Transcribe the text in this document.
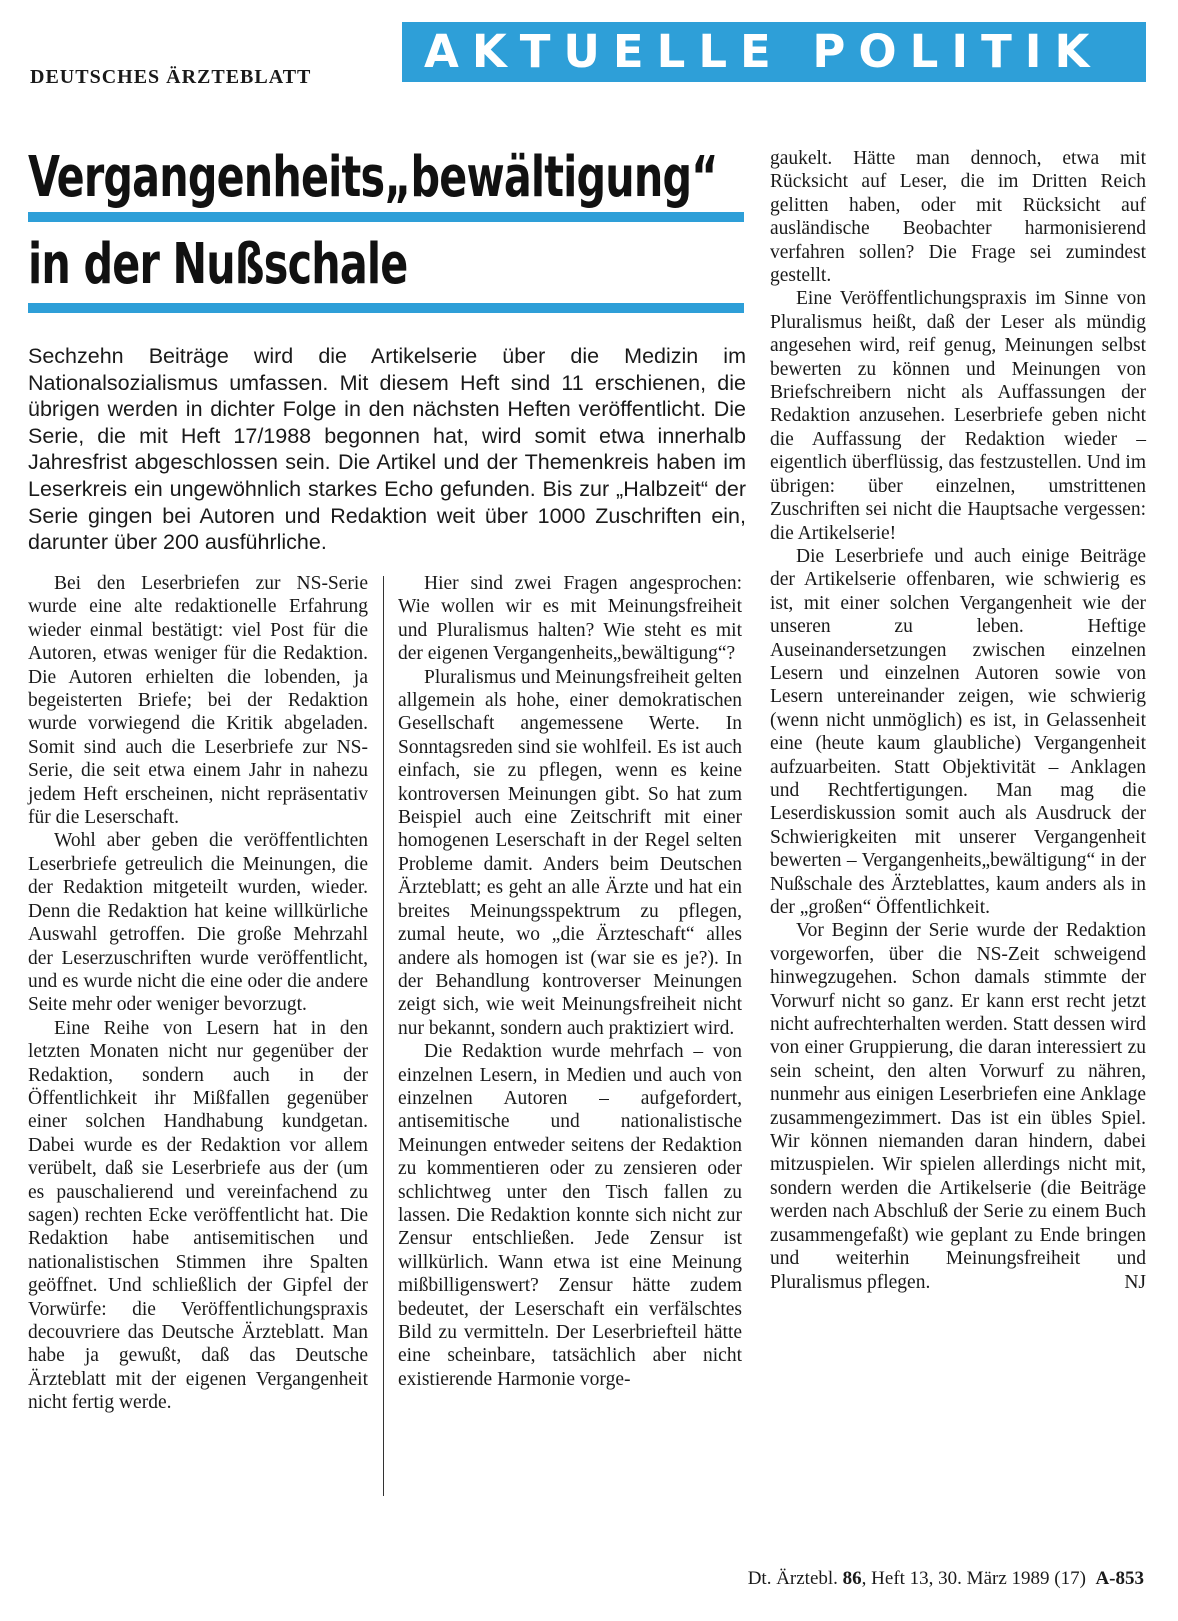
DEUTSCHES ÄRZTEBLATT	AKTUELLE POLITIK
Vergangenheits„bewältigung“
in der Nußschale
Sechzehn Beiträge wird die Artikelserie über die Medizin im Nationalsozialismus umfassen. Mit diesem Heft sind 11 erschienen, die übrigen werden in dichter Folge in den nächsten Heften veröffentlicht. Die Serie, die mit Heft 17/1988 begonnen hat, wird somit etwa innerhalb Jahresfrist abgeschlossen sein. Die Artikel und der Themenkreis haben im Leserkreis ein ungewöhnlich starkes Echo gefunden. Bis zur „Halbzeit“ der Serie gingen bei Autoren und Redaktion weit über 1000 Zuschriften ein, darunter über 200 ausführliche.

Bei den Leserbriefen zur NS-Serie wurde eine alte redaktionelle Erfahrung wieder einmal bestätigt: viel Post für die Autoren, etwas weniger für die Redaktion. Die Autoren erhielten die lobenden, ja begeisterten Briefe; bei der Redaktion wurde vorwiegend die Kritik abgeladen. Somit sind auch die Leserbriefe zur NS-Serie, die seit etwa einem Jahr in nahezu jedem Heft erscheinen, nicht repräsentativ für die Leserschaft.

Wohl aber geben die veröffentlichten Leserbriefe getreulich die Meinungen, die der Redaktion mitgeteilt wurden, wieder. Denn die Redaktion hat keine willkürliche Auswahl getroffen. Die große Mehrzahl der Leserzuschriften wurde veröffentlicht, und es wurde nicht die eine oder die andere Seite mehr oder weniger bevorzugt.

Eine Reihe von Lesern hat in den letzten Monaten nicht nur gegenüber der Redaktion, sondern auch in der Öffentlichkeit ihr Mißfallen gegenüber einer solchen Handhabung kundgetan. Dabei wurde es der Redaktion vor allem verübelt, daß sie Leserbriefe aus der (um es pauschalierend und vereinfachend zu sagen) rechten Ecke veröffentlicht hat. Die Redaktion habe antisemitischen und nationalistischen Stimmen ihre Spalten geöffnet. Und schließlich der Gipfel der Vorwürfe: die Veröffentlichungspraxis decouvriere das Deutsche Ärzteblatt. Man habe ja gewußt, daß das Deutsche Ärzteblatt mit der eigenen Vergangenheit nicht fertig werde.

Hier sind zwei Fragen angesprochen: Wie wollen wir es mit Meinungsfreiheit und Pluralismus halten? Wie steht es mit der eigenen Vergangenheits„bewältigung“?

Pluralismus und Meinungsfreiheit gelten allgemein als hohe, einer demokratischen Gesellschaft angemessene Werte. In Sonntagsreden sind sie wohlfeil. Es ist auch einfach, sie zu pflegen, wenn es keine kontroversen Meinungen gibt. So hat zum Beispiel auch eine Zeitschrift mit einer homogenen Leserschaft in der Regel selten Probleme damit. Anders beim Deutschen Ärzteblatt; es geht an alle Ärzte und hat ein breites Meinungsspektrum zu pflegen, zumal heute, wo „die Ärzteschaft“ alles andere als homogen ist (war sie es je?). In der Behandlung kontroverser Meinungen zeigt sich, wie weit Meinungsfreiheit nicht nur bekannt, sondern auch praktiziert wird.

Die Redaktion wurde mehrfach – von einzelnen Lesern, in Medien und auch von einzelnen Autoren – aufgefordert, antisemitische und nationalistische Meinungen entweder seitens der Redaktion zu kommentieren oder zu zensieren oder schlichtweg unter den Tisch fallen zu lassen. Die Redaktion konnte sich nicht zur Zensur entschließen. Jede Zensur ist willkürlich. Wann etwa ist eine Meinung mißbilligenswert? Zensur hätte zudem bedeutet, der Leserschaft ein verfälschtes Bild zu vermitteln. Der Leserbriefteil hätte eine scheinbare, tatsächlich aber nicht existierende Harmonie vorge-

gaukelt. Hätte man dennoch, etwa mit Rücksicht auf Leser, die im Dritten Reich gelitten haben, oder mit Rücksicht auf ausländische Beobachter harmonisierend verfahren sollen? Die Frage sei zumindest gestellt.

Eine Veröffentlichungspraxis im Sinne von Pluralismus heißt, daß der Leser als mündig angesehen wird, reif genug, Meinungen selbst bewerten zu können und Meinungen von Briefschreibern nicht als Auffassungen der Redaktion anzusehen. Leserbriefe geben nicht die Auffassung der Redaktion wieder – eigentlich überflüssig, das festzustellen. Und im übrigen: über einzelnen, umstrittenen Zuschriften sei nicht die Hauptsache vergessen: die Artikelserie!

Die Leserbriefe und auch einige Beiträge der Artikelserie offenbaren, wie schwierig es ist, mit einer solchen Vergangenheit wie der unseren zu leben. Heftige Auseinandersetzungen zwischen einzelnen Lesern und einzelnen Autoren sowie von Lesern untereinander zeigen, wie schwierig (wenn nicht unmöglich) es ist, in Gelassenheit eine (heute kaum glaubliche) Vergangenheit aufzuarbeiten. Statt Objektivität – Anklagen und Rechtfertigungen. Man mag die Leserdiskussion somit auch als Ausdruck der Schwierigkeiten mit unserer Vergangenheit bewerten – Vergangenheits„bewältigung“ in der Nußschale des Ärzteblattes, kaum anders als in der „großen“ Öffentlichkeit.

Vor Beginn der Serie wurde der Redaktion vorgeworfen, über die NS-Zeit schweigend hinwegzugehen. Schon damals stimmte der Vorwurf nicht so ganz. Er kann erst recht jetzt nicht aufrechterhalten werden. Statt dessen wird von einer Gruppierung, die daran interessiert zu sein scheint, den alten Vorwurf zu nähren, nunmehr aus einigen Leserbriefen eine Anklage zusammengezimmert. Das ist ein übles Spiel. Wir können niemanden daran hindern, dabei mitzuspielen. Wir spielen allerdings nicht mit, sondern werden die Artikelserie (die Beiträge werden nach Abschluß der Serie zu einem Buch zusammengefaßt) wie geplant zu Ende bringen und weiterhin Meinungsfreiheit und Pluralismus pflegen.	NJ

Dt. Ärztebl. 86, Heft 13, 30. März 1989 (17) A-853
